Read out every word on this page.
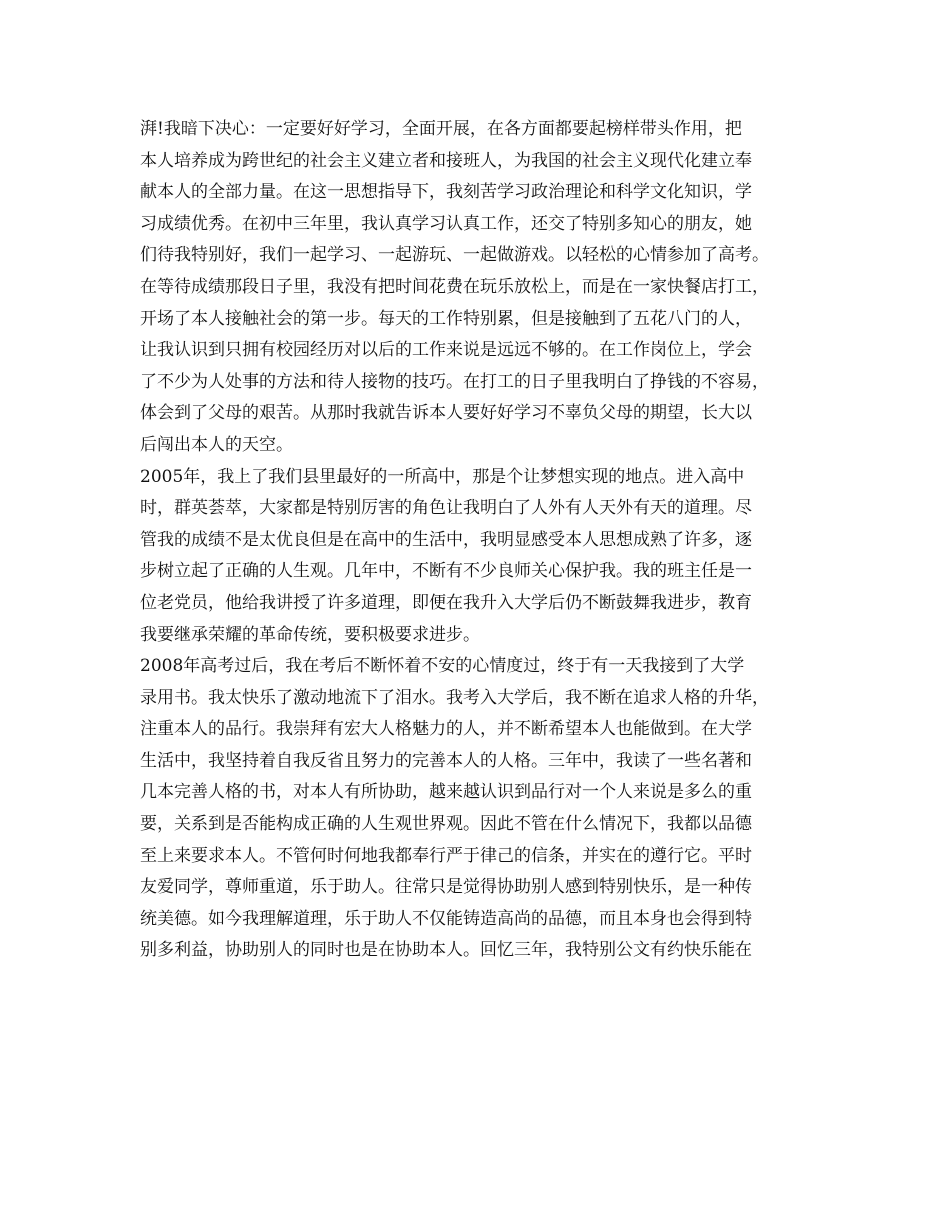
湃!我暗下决心：一定要好好学习，全面开展，在各方面都要起榜样带头作用，把
本人培养成为跨世纪的社会主义建立者和接班人，为我国的社会主义现代化建立奉
献本人的全部力量。在这一思想指导下，我刻苦学习政治理论和科学文化知识，学
习成绩优秀。在初中三年里，我认真学习认真工作，还交了特别多知心的朋友，她
们待我特别好，我们一起学习、一起游玩、一起做游戏。以轻松的心情参加了高考。
在等待成绩那段日子里，我没有把时间花费在玩乐放松上，而是在一家快餐店打工，
开场了本人接触社会的第一步。每天的工作特别累，但是接触到了五花八门的人，
让我认识到只拥有校园经历对以后的工作来说是远远不够的。在工作岗位上，学会
了不少为人处事的方法和待人接物的技巧。在打工的日子里我明白了挣钱的不容易，
体会到了父母的艰苦。从那时我就告诉本人要好好学习不辜负父母的期望，长大以
后闯出本人的天空。
2005年，我上了我们县里最好的一所高中，那是个让梦想实现的地点。进入高中
时，群英荟萃，大家都是特别厉害的角色让我明白了人外有人天外有天的道理。尽
管我的成绩不是太优良但是在高中的生活中，我明显感受本人思想成熟了许多，逐
步树立起了正确的人生观。几年中，不断有不少良师关心保护我。我的班主任是一
位老党员，他给我讲授了许多道理，即便在我升入大学后仍不断鼓舞我进步，教育
我要继承荣耀的革命传统，要积极要求进步。
2008年高考过后，我在考后不断怀着不安的心情度过，终于有一天我接到了大学
录用书。我太快乐了激动地流下了泪水。我考入大学后，我不断在追求人格的升华，
注重本人的品行。我崇拜有宏大人格魅力的人，并不断希望本人也能做到。在大学
生活中，我坚持着自我反省且努力的完善本人的人格。三年中，我读了一些名著和
几本完善人格的书，对本人有所协助，越来越认识到品行对一个人来说是多么的重
要，关系到是否能构成正确的人生观世界观。因此不管在什么情况下，我都以品德
至上来要求本人。不管何时何地我都奉行严于律己的信条，并实在的遵行它。平时
友爱同学，尊师重道，乐于助人。往常只是觉得协助别人感到特别快乐，是一种传
统美德。如今我理解道理，乐于助人不仅能铸造高尚的品德，而且本身也会得到特
别多利益，协助别人的同时也是在协助本人。回忆三年，我特别公文有约快乐能在
